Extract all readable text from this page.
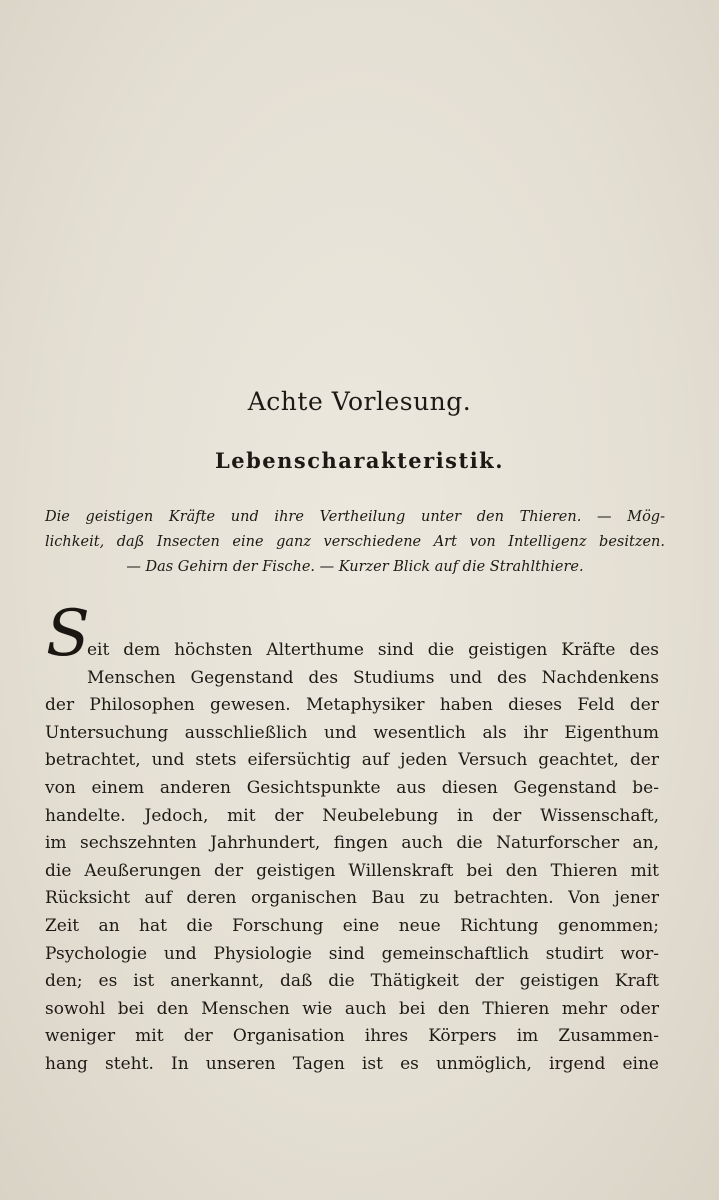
Achte Vorlesung.
Lebenscharakteristik.
Die geistigen Kräfte und ihre Vertheilung unter den Thieren. — Mög-
lichkeit, daß Insecten eine ganz verschiedene Art von Intelligenz besitzen.
— Das Gehirn der Fische. — Kurzer Blick auf die Strahlthiere.
S
eit dem höchsten Alterthume sind die geistigen Kräfte des
Menschen Gegenstand des Studiums und des Nachdenkens
der Philosophen gewesen. Metaphysiker haben dieses Feld der
Untersuchung ausschließlich und wesentlich als ihr Eigenthum
betrachtet, und stets eifersüchtig auf jeden Versuch geachtet, der
von einem anderen Gesichtspunkte aus diesen Gegenstand be-
handelte. Jedoch, mit der Neubelebung in der Wissenschaft,
im sechszehnten Jahrhundert, fingen auch die Naturforscher an,
die Aeußerungen der geistigen Willenskraft bei den Thieren mit
Rücksicht auf deren organischen Bau zu betrachten. Von jener
Zeit an hat die Forschung eine neue Richtung genommen;
Psychologie und Physiologie sind gemeinschaftlich studirt wor-
den; es ist anerkannt, daß die Thätigkeit der geistigen Kraft
sowohl bei den Menschen wie auch bei den Thieren mehr oder
weniger mit der Organisation ihres Körpers im Zusammen-
hang steht. In unseren Tagen ist es unmöglich, irgend eine
